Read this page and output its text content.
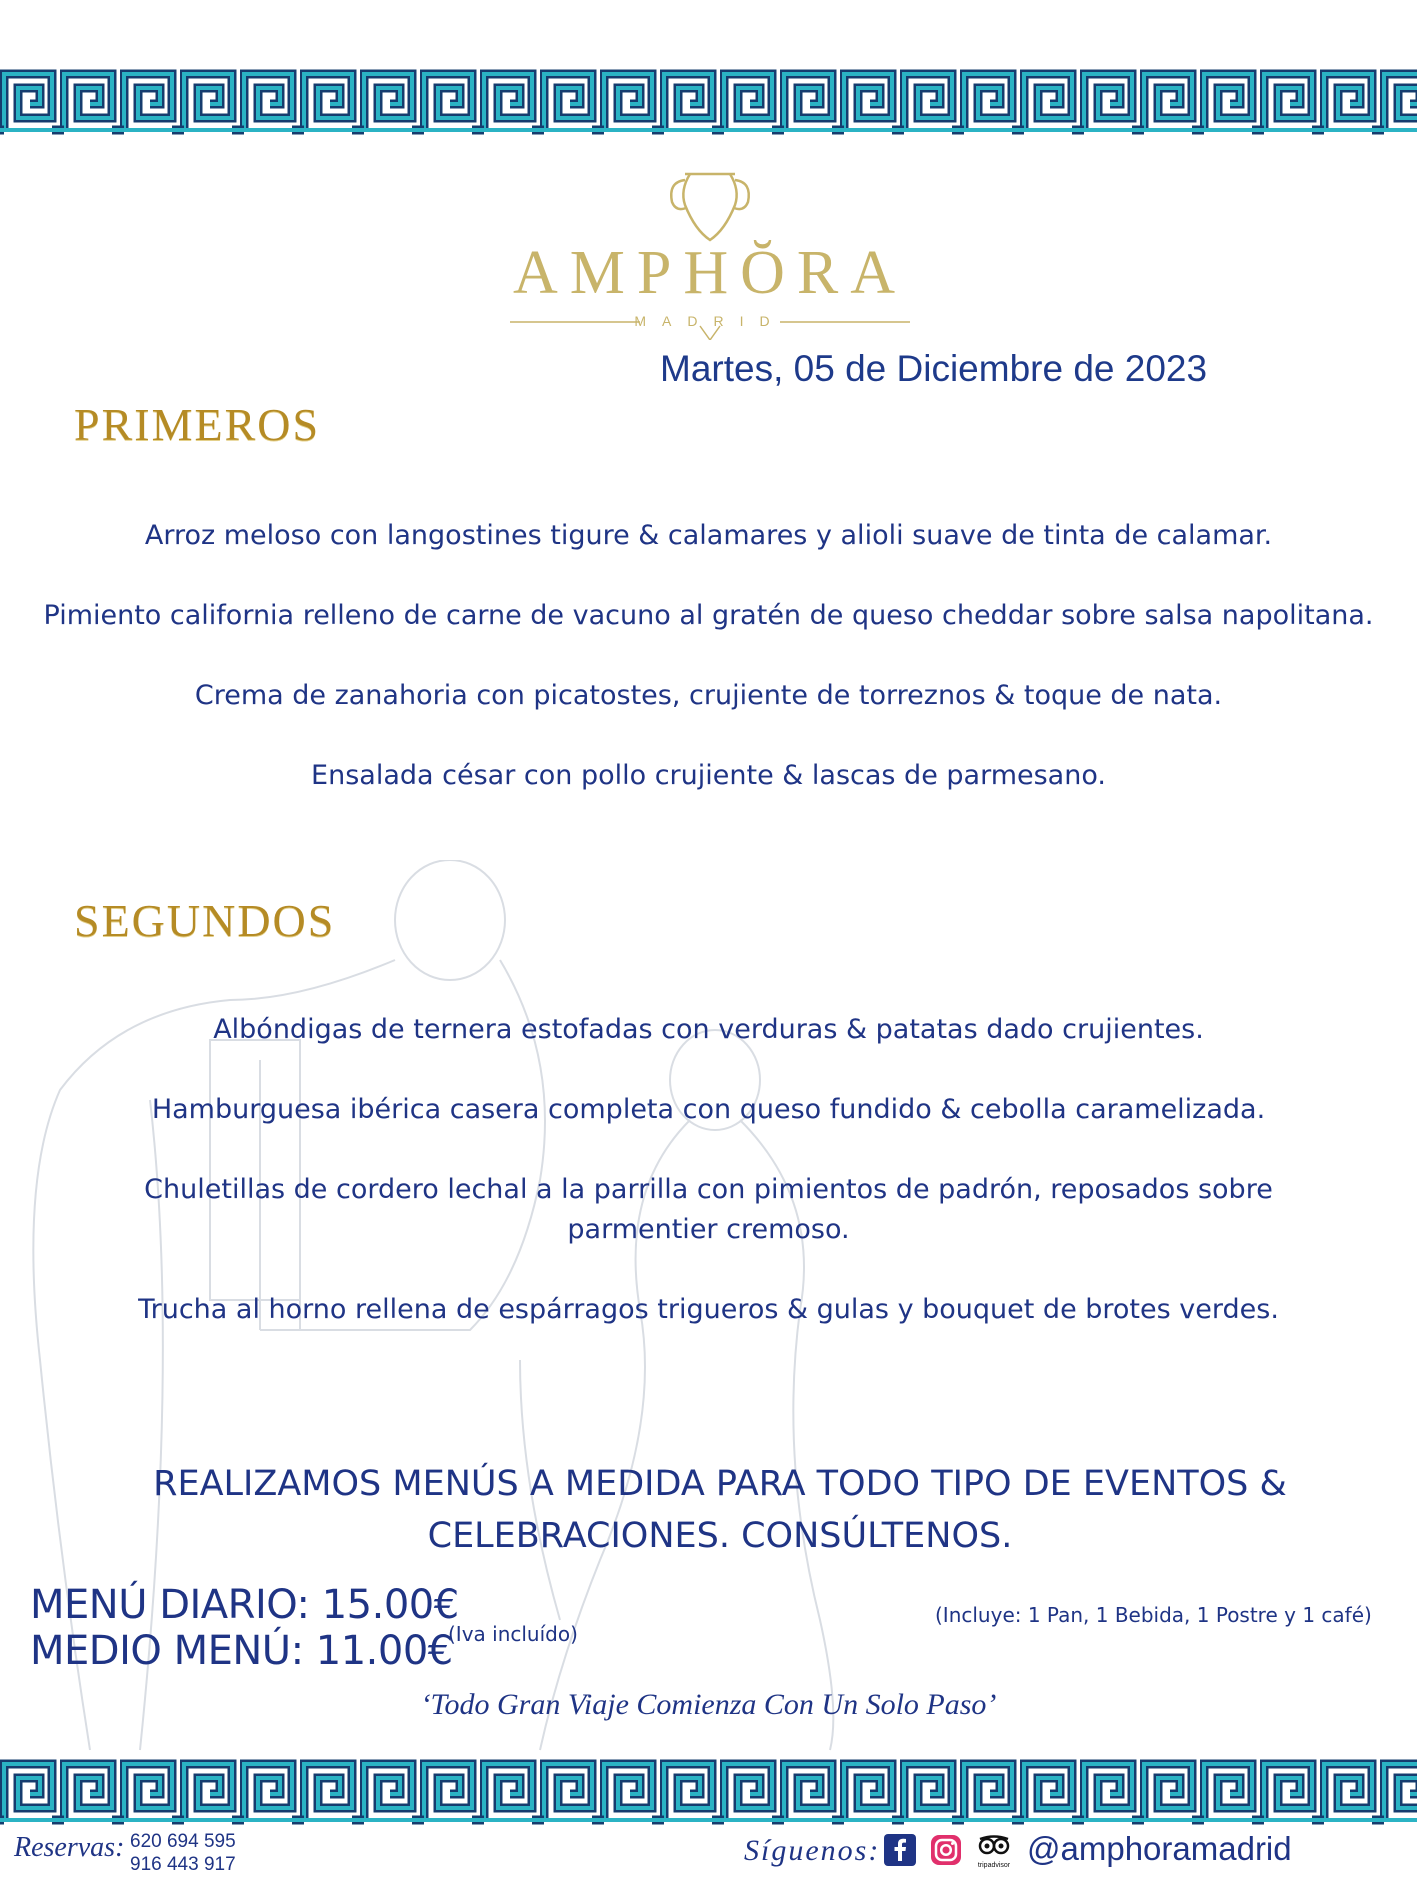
AMPHŎRA
MADRID
Martes, 05 de Diciembre de 2023
PRIMEROS
Arroz meloso con langostines tigure & calamares y alioli suave de tinta de calamar.
Pimiento california relleno de carne de vacuno al gratén de queso cheddar sobre salsa napolitana.
Crema de zanahoria con picatostes, crujiente de torreznos & toque de nata.
Ensalada césar con pollo crujiente & lascas de parmesano.
SEGUNDOS
Albóndigas de ternera estofadas con verduras & patatas dado crujientes.
Hamburguesa ibérica casera completa con queso fundido & cebolla caramelizada.
Chuletillas de cordero lechal a la parrilla con pimientos de padrón, reposados sobre parmentier cremoso.
Trucha al horno rellena de espárragos trigueros & gulas y bouquet de brotes verdes.
REALIZAMOS MENÚS A MEDIDA PARA TODO TIPO DE EVENTOS & CELEBRACIONES. CONSÚLTENOS.
MENÚ DIARIO: 15.00€
MEDIO MENÚ: 11.00€
(Iva incluído)
(Incluye: 1 Pan, 1 Bebida, 1 Postre y 1 café)
‘Todo Gran Viaje Comienza Con Un Solo Paso’
Reservas: 620 694 595
916 443 917	Síguenos:	tripadvisor @amphoramadrid
